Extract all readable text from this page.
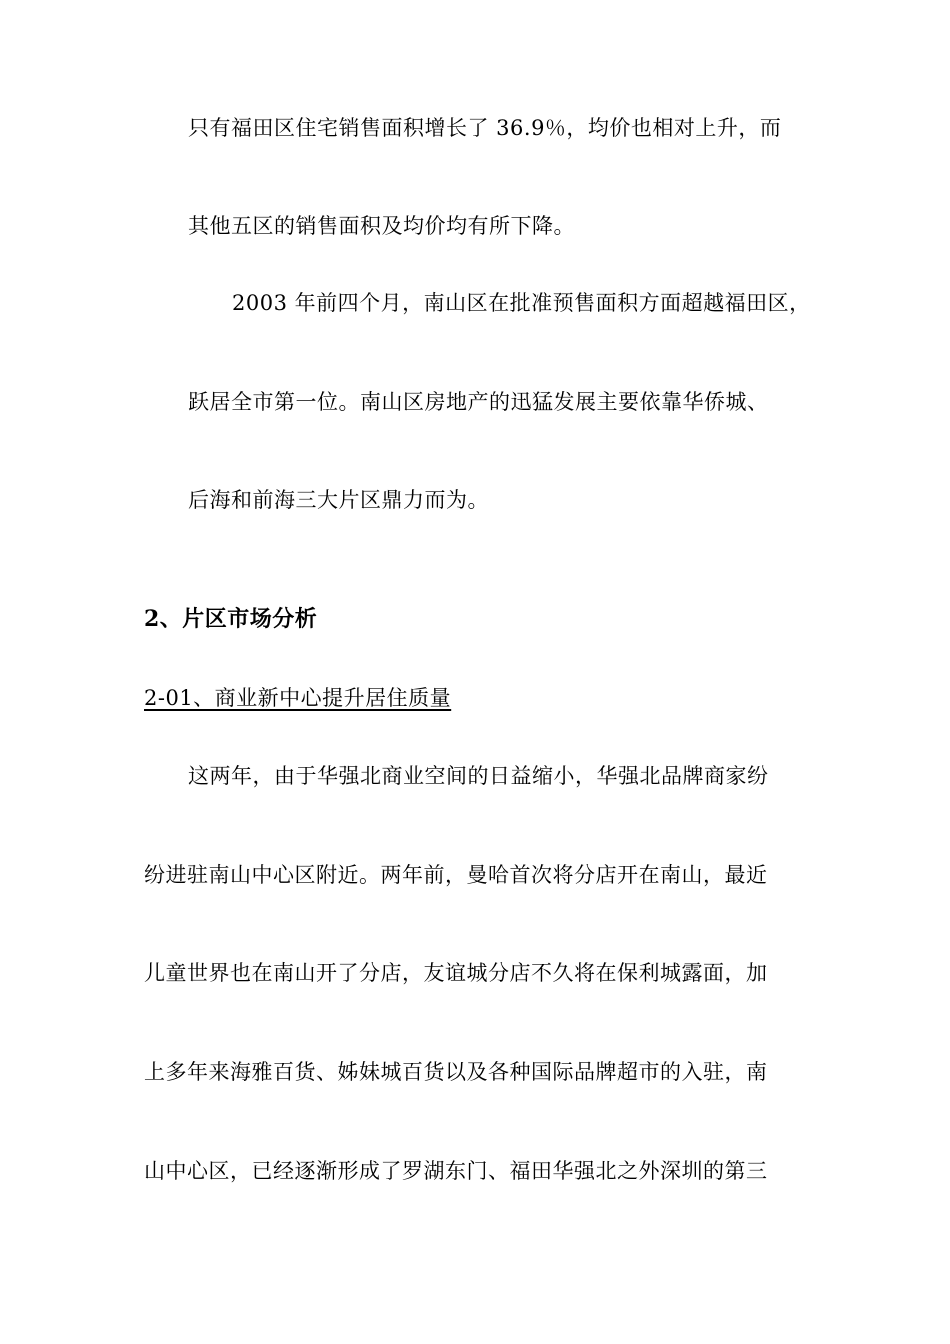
只有福田区住宅销售面积增长了 36.9％，均价也相对上升，而
其他五区的销售面积及均价均有所下降。
2003 年前四个月，南山区在批准预售面积方面超越福田区，
跃居全市第一位。南山区房地产的迅猛发展主要依靠华侨城、
后海和前海三大片区鼎力而为。
2、片区市场分析
2-01、商业新中心提升居住质量
这两年，由于华强北商业空间的日益缩小，华强北品牌商家纷
纷进驻南山中心区附近。两年前，曼哈首次将分店开在南山，最近
儿童世界也在南山开了分店，友谊城分店不久将在保利城露面，加
上多年来海雅百货、姊妹城百货以及各种国际品牌超市的入驻，南
山中心区，已经逐渐形成了罗湖东门、福田华强北之外深圳的第三
